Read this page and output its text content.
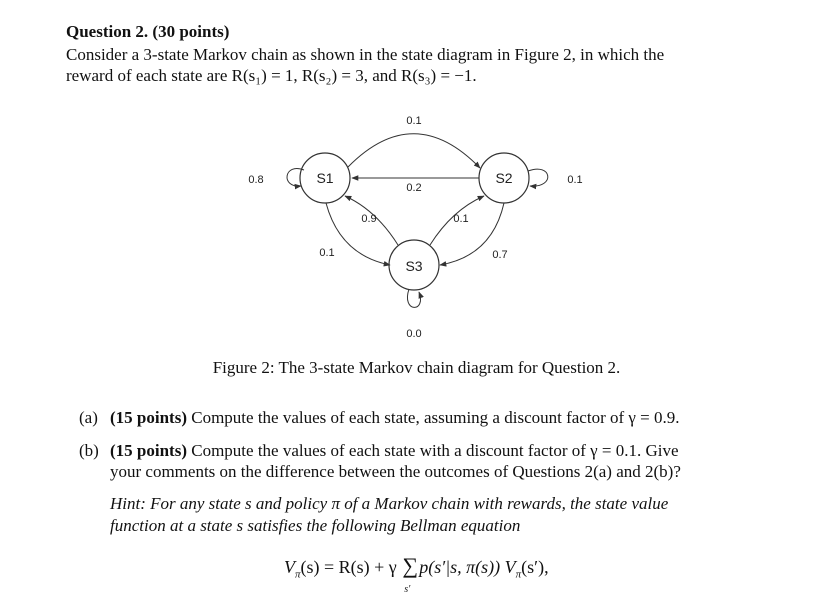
Question 2. (30 points)
Consider a 3-state Markov chain as shown in the state diagram in Figure 2, in which the
reward of each state are R(s₁) = 1, R(s₂) = 3, and R(s₃) = −1.
S1	S2
S3
0.1
0.2
0.9	0.1
0.1	0.7
0.8	0.1
0.0
Figure 2: The 3-state Markov chain diagram for Question 2.
(a) (15 points) Compute the values of each state, assuming a discount factor of γ = 0.9.
(b) (15 points) Compute the values of each state with a discount factor of γ = 0.1. Give
your comments on the difference between the outcomes of Questions 2(a) and 2(b)?
Hint: For any state s and policy π of a Markov chain with rewards, the state value
function at a state s satisfies the following Bellman equation
$V_\pi(s) = R(s) + \gamma$ ∑
s′
p(s′|s, π(s)) $V_\pi(s')$,
